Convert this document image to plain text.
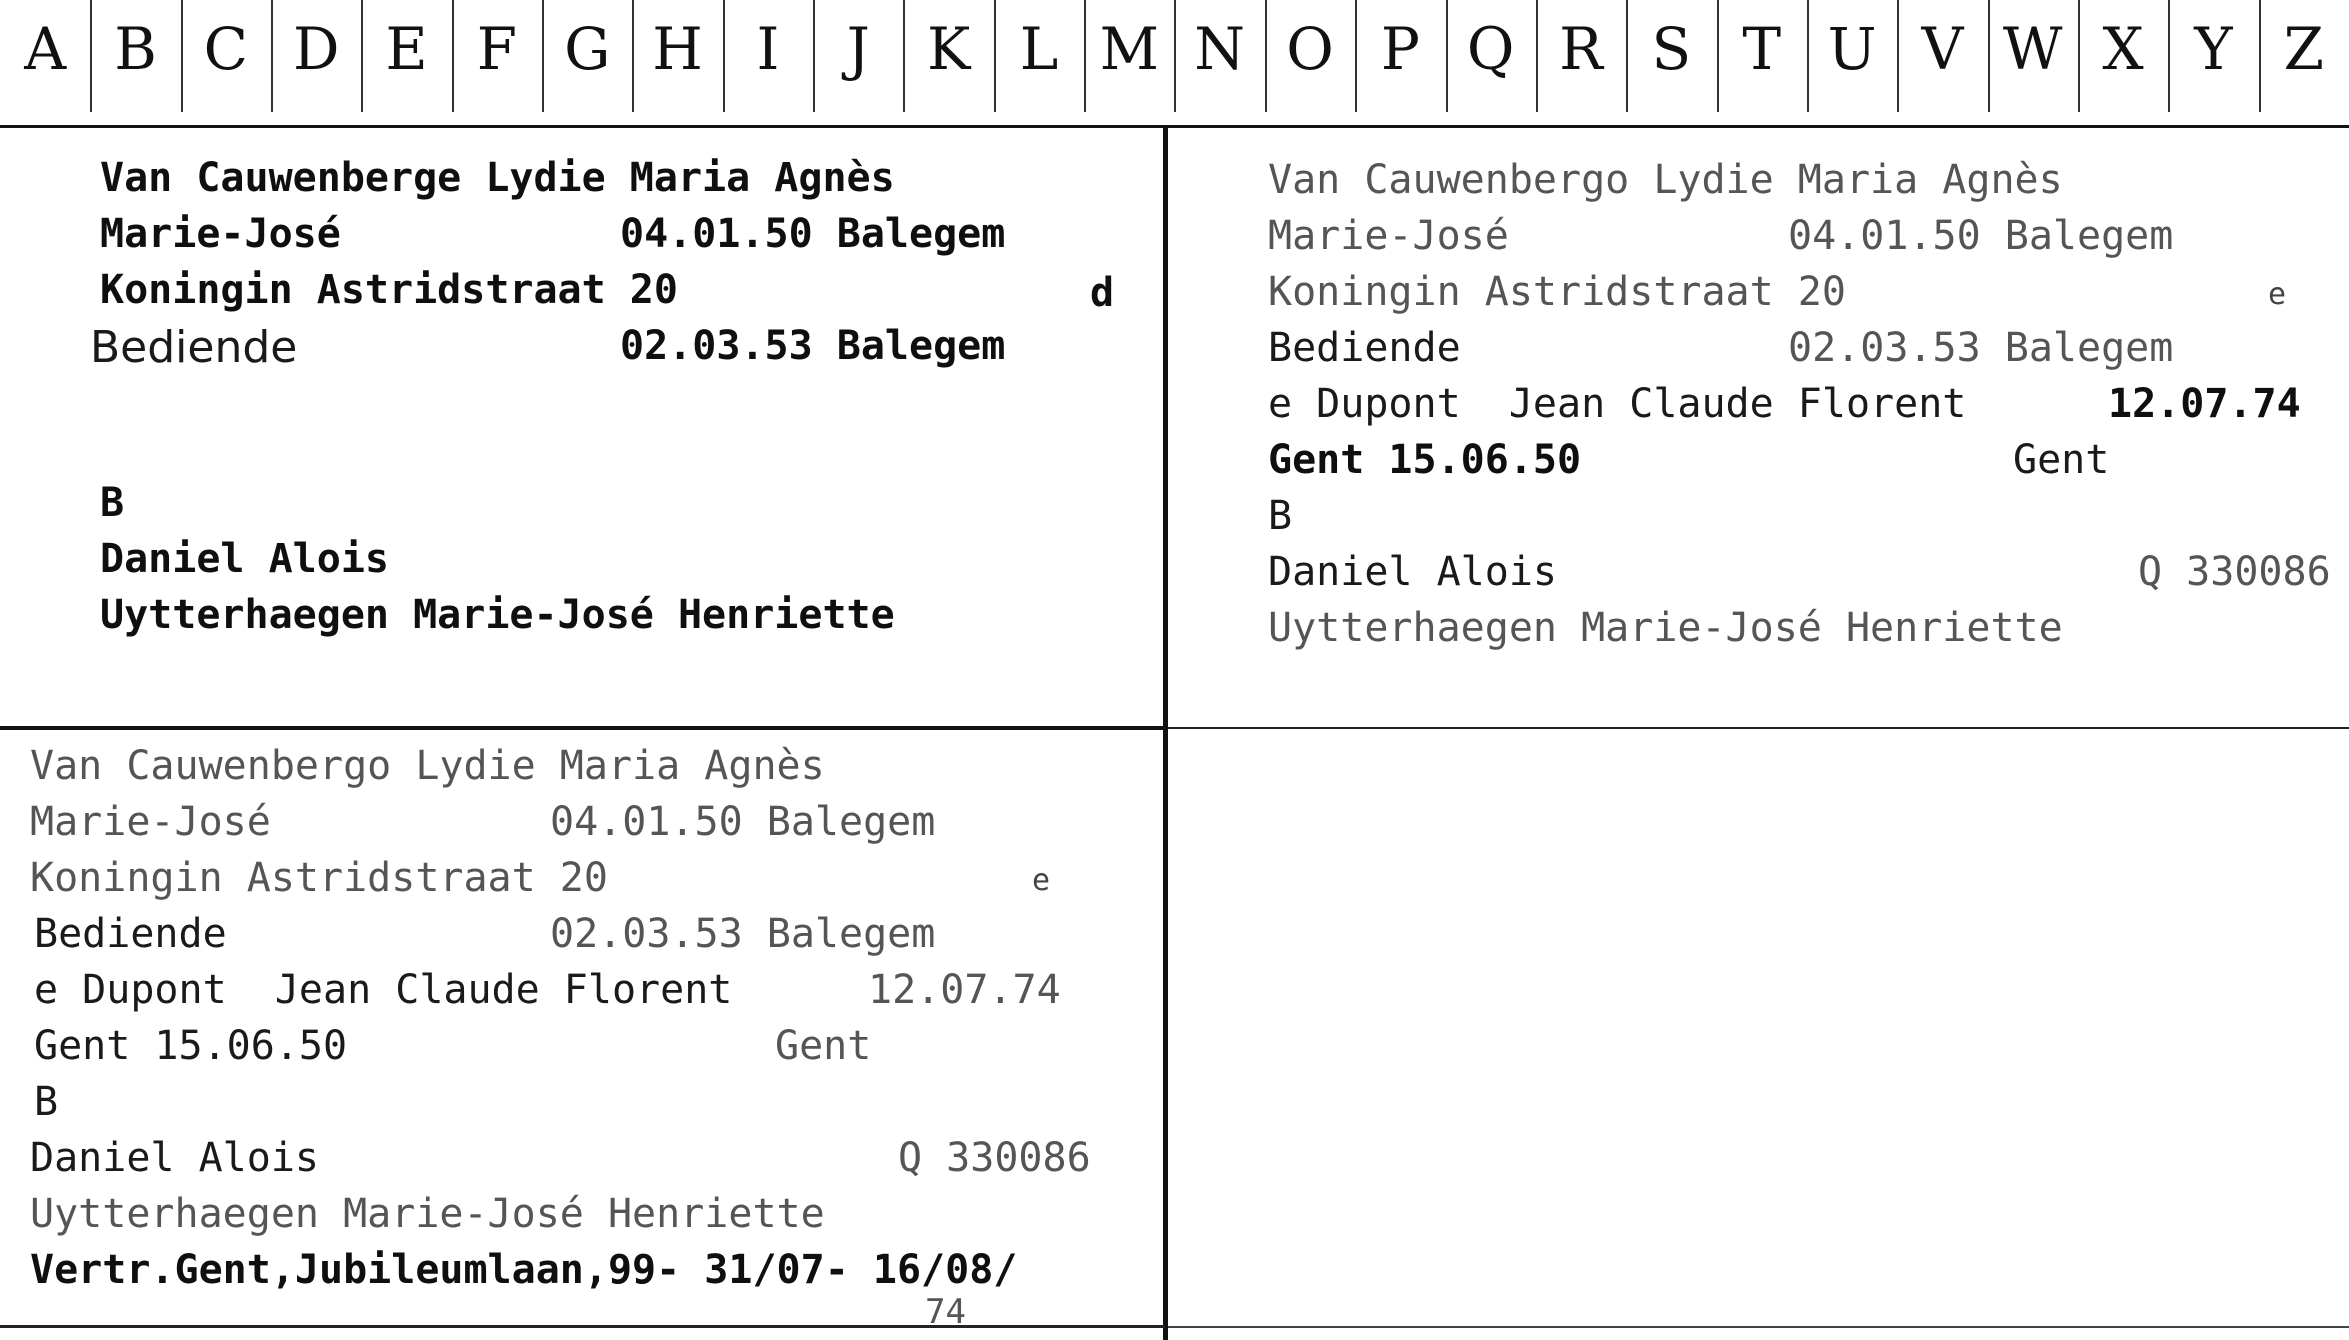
A B C D E F G H I	J K L M N O P Q R S T U V W X Y Z
Van Cauwenberge Lydie Maria Agnès
Marie-José	04.01.50 Balegem
Koningin Astridstraat 20	d
Bediende	02.03.53 Balegem
B
Daniel Alois
Uytterhaegen Marie-José Henriette
Van Cauwenbergo Lydie Maria Agnès
Marie-José	04.01.50 Balegem
Koningin Astridstraat 20	e
Bediende	02.03.53 Balegem
e Dupont  Jean Claude Florent	12.07.74
Gent 15.06.50	Gent
B
Daniel Alois	Q 330086
Uytterhaegen Marie-José Henriette
Van Cauwenbergo Lydie Maria Agnès
Marie-José	04.01.50 Balegem
Koningin Astridstraat 20	e
Bediende	02.03.53 Balegem
e Dupont  Jean Claude Florent	12.07.74
Gent 15.06.50	Gent
B
Daniel Alois	Q 330086
Uytterhaegen Marie-José Henriette
Vertr.Gent,Jubileumlaan,99- 31/07- 16/08/
74
